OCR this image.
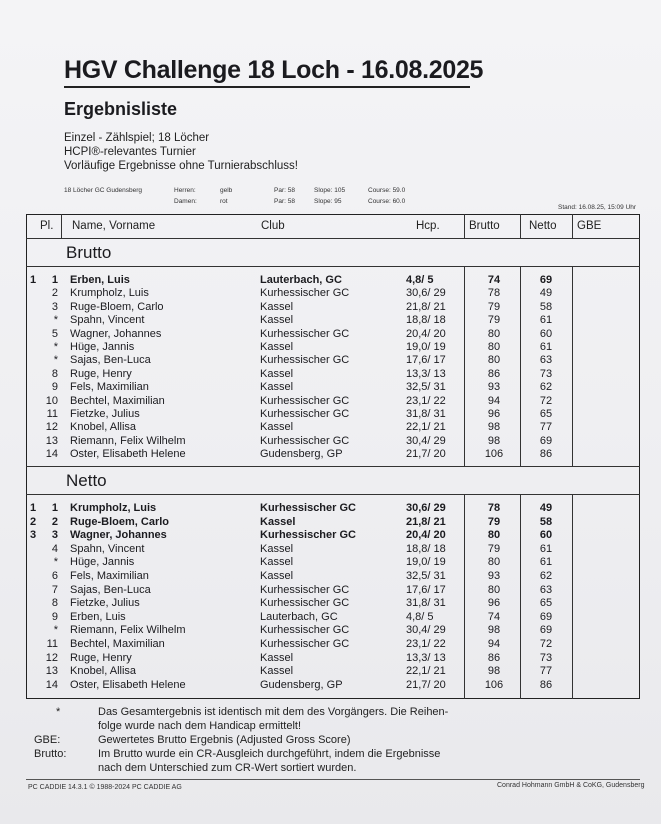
HGV Challenge 18 Loch - 16.08.2025
Ergebnisliste
Einzel - Zählspiel; 18 Löcher
HCPI®-relevantes Turnier
Vorläufige Ergebnisse ohne Turnierabschluss!
18 Löcher GC Gudensberg	Herren:	gelb	Par: 58	Slope: 105	Course: 59.0
Damen:	rot	Par: 58	Slope: 95	Course: 60.0
Stand: 16.08.25, 15:09 Uhr
Pl. Name, Vorname	Club	Hcp.	Brutto	Netto GBE
Brutto
Netto
1	1 Erben, Luis	Lauterbach, GC	4,8/ 5	74	69
2 Krumpholz, Luis	Kurhessischer GC	30,6/ 29	78	49
3 Ruge-Bloem, Carlo	Kassel	21,8/ 21	79	58
* Spahn, Vincent	Kassel	18,8/ 18	79	61
5 Wagner, Johannes	Kurhessischer GC	20,4/ 20	80	60
* Hüge, Jannis	Kassel	19,0/ 19	80	61
* Sajas, Ben-Luca	Kurhessischer GC	17,6/ 17	80	63
8 Ruge, Henry	Kassel	13,3/ 13	86	73
9 Fels, Maximilian	Kassel	32,5/ 31	93	62
10 Bechtel, Maximilian	Kurhessischer GC	23,1/ 22	94	72
11 Fietzke, Julius	Kurhessischer GC	31,8/ 31	96	65
12 Knobel, Allisa	Kassel	22,1/ 21	98	77
13 Riemann, Felix Wilhelm	Kurhessischer GC	30,4/ 29	98	69
14 Oster, Elisabeth Helene	Gudensberg, GP	21,7/ 20	106	86
1	1 Krumpholz, Luis	Kurhessischer GC	30,6/ 29	78	49
2	2 Ruge-Bloem, Carlo	Kassel	21,8/ 21	79	58
3	3 Wagner, Johannes	Kurhessischer GC	20,4/ 20	80	60
4 Spahn, Vincent	Kassel	18,8/ 18	79	61
* Hüge, Jannis	Kassel	19,0/ 19	80	61
6 Fels, Maximilian	Kassel	32,5/ 31	93	62
7 Sajas, Ben-Luca	Kurhessischer GC	17,6/ 17	80	63
8 Fietzke, Julius	Kurhessischer GC	31,8/ 31	96	65
9 Erben, Luis	Lauterbach, GC	4,8/ 5	74	69
* Riemann, Felix Wilhelm	Kurhessischer GC	30,4/ 29	98	69
11 Bechtel, Maximilian	Kurhessischer GC	23,1/ 22	94	72
12 Ruge, Henry	Kassel	13,3/ 13	86	73
13 Knobel, Allisa	Kassel	22,1/ 21	98	77
14 Oster, Elisabeth Helene	Gudensberg, GP	21,7/ 20	106	86
*	Das Gesamtergebnis ist identisch mit dem des Vorgängers. Die Reihen-
folge wurde nach dem Handicap ermittelt!
GBE:	Gewertetes Brutto Ergebnis (Adjusted Gross Score)
Brutto:	Im Brutto wurde ein CR-Ausgleich durchgeführt, indem die Ergebnisse
nach dem Unterschied zum CR-Wert sortiert wurden.
PC CADDIE 14.3.1 © 1988-2024 PC CADDIE AG	Conrad Hohmann GmbH & CoKG, Gudensberg
